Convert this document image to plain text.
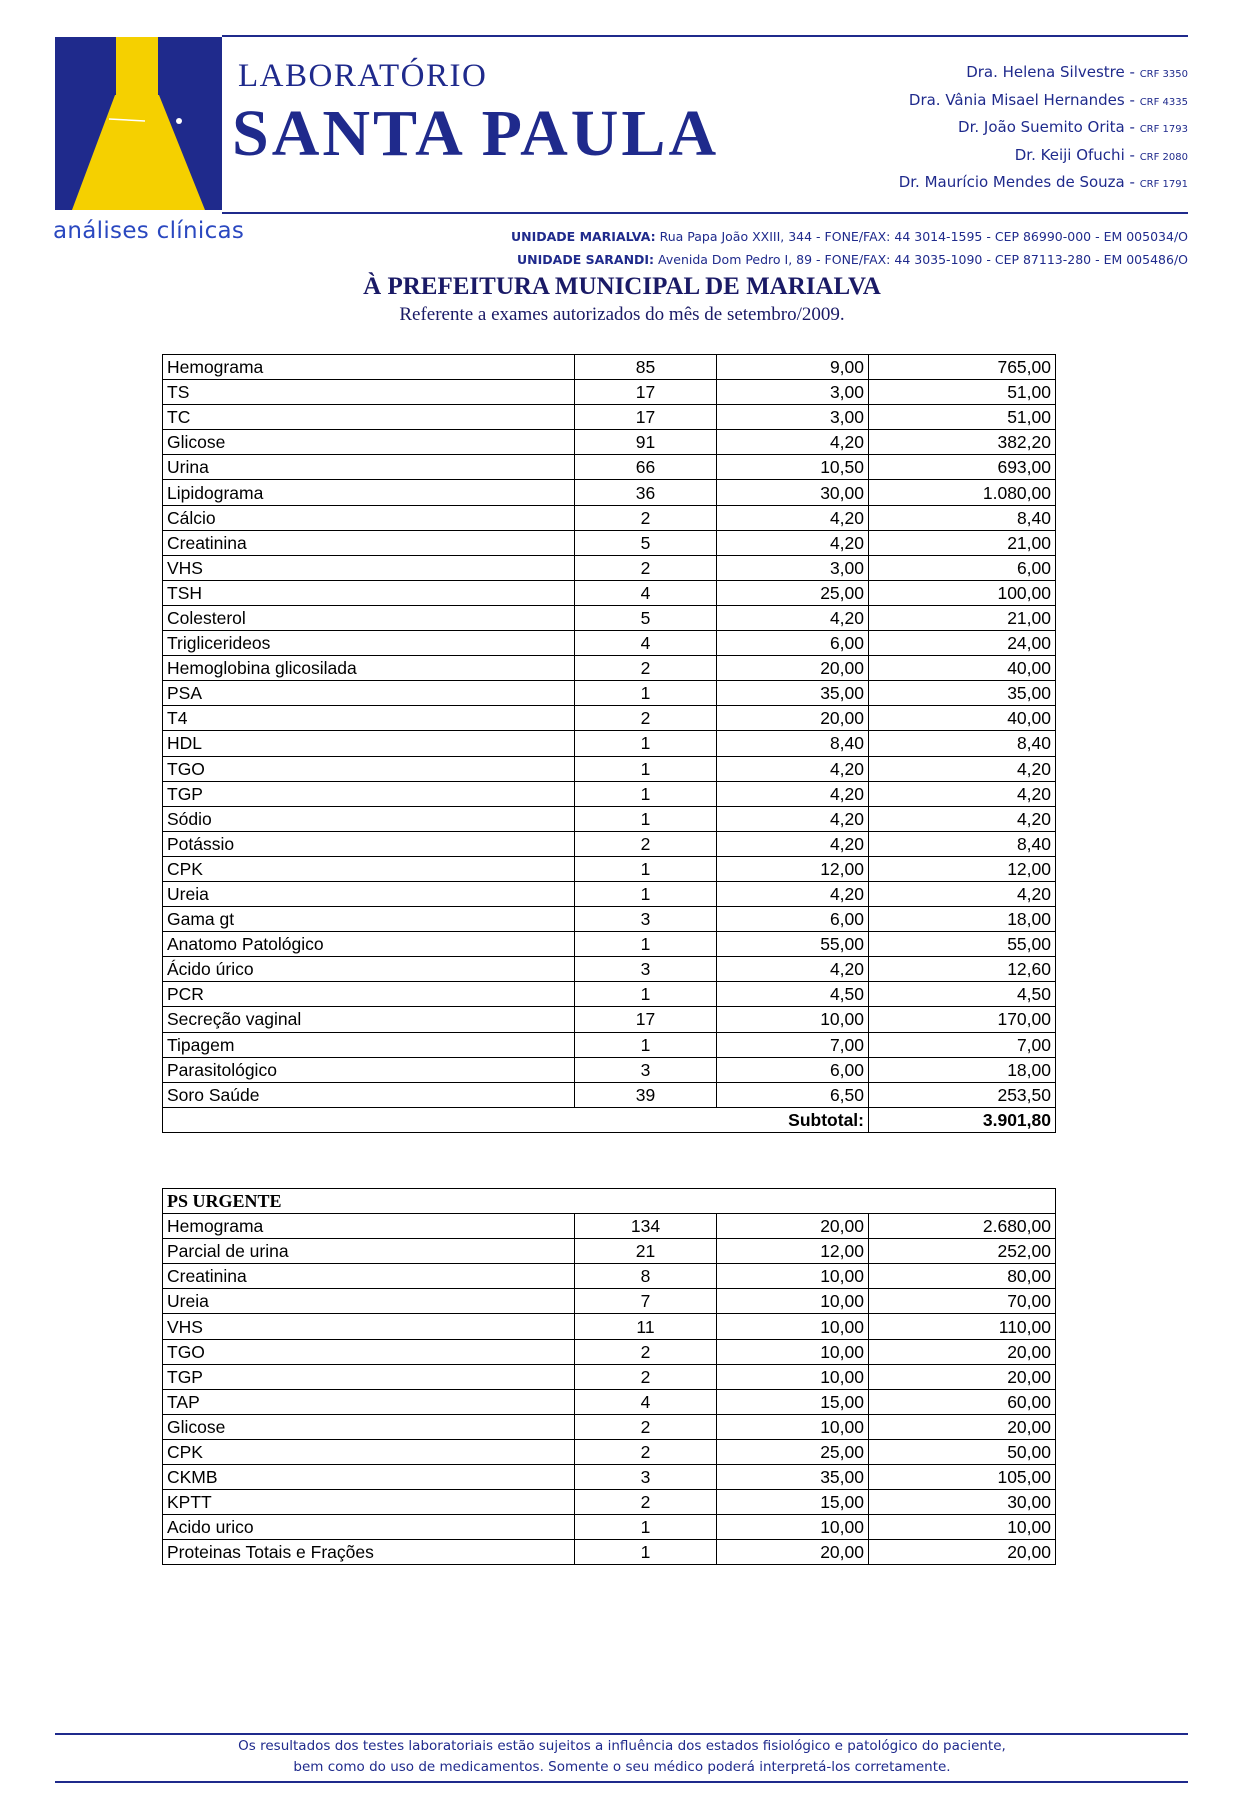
análises clínicas
LABORATÓRIO
SANTA PAULA
Dra. Helena Silvestre - CRF 3350
Dra. Vânia Misael Hernandes - CRF 4335
Dr. João Suemito Orita - CRF 1793
Dr. Keiji Ofuchi - CRF 2080
Dr. Maurício Mendes de Souza - CRF 1791
UNIDADE MARIALVA: Rua Papa João XXIII, 344 - FONE/FAX: 44 3014-1595 - CEP 86990-000 - EM 005034/O
UNIDADE SARANDI: Avenida Dom Pedro I, 89 - FONE/FAX: 44 3035-1090 - CEP 87113-280 - EM 005486/O
À PREFEITURA MUNICIPAL DE MARIALVA
Referente a exames autorizados do mês de setembro/2009.
Hemograma	85	9,00	765,00
TS	17	3,00	51,00
TC	17	3,00	51,00
Glicose	91	4,20	382,20
Urina	66	10,50	693,00
Lipidograma	36	30,00	1.080,00
Cálcio	2	4,20	8,40
Creatinina	5	4,20	21,00
VHS	2	3,00	6,00
TSH	4	25,00	100,00
Colesterol	5	4,20	21,00
Triglicerideos	4	6,00	24,00
Hemoglobina glicosilada	2	20,00	40,00
PSA	1	35,00	35,00
T4	2	20,00	40,00
HDL	1	8,40	8,40
TGO	1	4,20	4,20
TGP	1	4,20	4,20
Sódio	1	4,20	4,20
Potássio	2	4,20	8,40
CPK	1	12,00	12,00
Ureia	1	4,20	4,20
Gama gt	3	6,00	18,00
Anatomo Patológico	1	55,00	55,00
Ácido úrico	3	4,20	12,60
PCR	1	4,50	4,50
Secreção vaginal	17	10,00	170,00
Tipagem	1	7,00	7,00
Parasitológico	3	6,00	18,00
Soro Saúde	39	6,50	253,50
		Subtotal:	3.901,80
PS URGENTE			
Hemograma	134	20,00	2.680,00
Parcial de urina	21	12,00	252,00
Creatinina	8	10,00	80,00
Ureia	7	10,00	70,00
VHS	11	10,00	110,00
TGO	2	10,00	20,00
TGP	2	10,00	20,00
TAP	4	15,00	60,00
Glicose	2	10,00	20,00
CPK	2	25,00	50,00
CKMB	3	35,00	105,00
KPTT	2	15,00	30,00
Acido urico	1	10,00	10,00
Proteinas Totais e Frações	1	20,00	20,00
Os resultados dos testes laboratoriais estão sujeitos a influência dos estados fisiológico e patológico do paciente,
bem como do uso de medicamentos. Somente o seu médico poderá interpretá-los corretamente.
